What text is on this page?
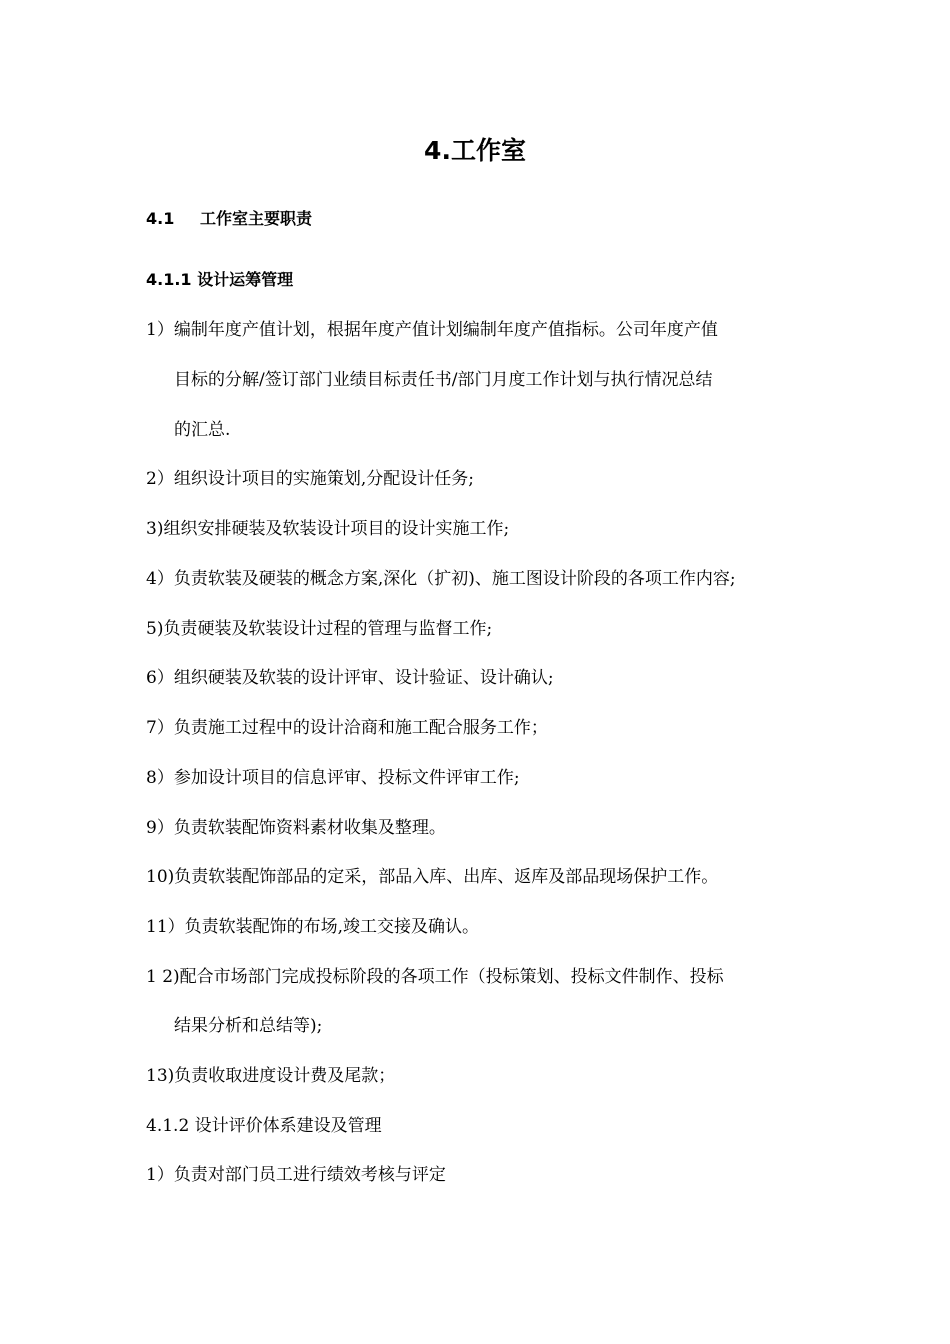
4.工作室
4.1 工作室主要职责
4.1.1 设计运筹管理
1）编制年度产值计划，根据年度产值计划编制年度产值指标。公司年度产值
目标的分解/签订部门业绩目标责任书/部门月度工作计划与执行情况总结
的汇总.
2）组织设计项目的实施策划,分配设计任务;
3)组织安排硬装及软装设计项目的设计实施工作;
4）负责软装及硬装的概念方案,深化（扩初)、施工图设计阶段的各项工作内容;
5)负责硬装及软装设计过程的管理与监督工作;
6）组织硬装及软装的设计评审、设计验证、设计确认;
7）负责施工过程中的设计洽商和施工配合服务工作；
8）参加设计项目的信息评审、投标文件评审工作;
9）负责软装配饰资料素材收集及整理。
10)负责软装配饰部品的定采，部品入库、出库、返库及部品现场保护工作。
11）负责软装配饰的布场,竣工交接及确认。
1 2)配合市场部门完成投标阶段的各项工作（投标策划、投标文件制作、投标
结果分析和总结等);
13)负责收取进度设计费及尾款；
4.1.2 设计评价体系建设及管理
1）负责对部门员工进行绩效考核与评定
